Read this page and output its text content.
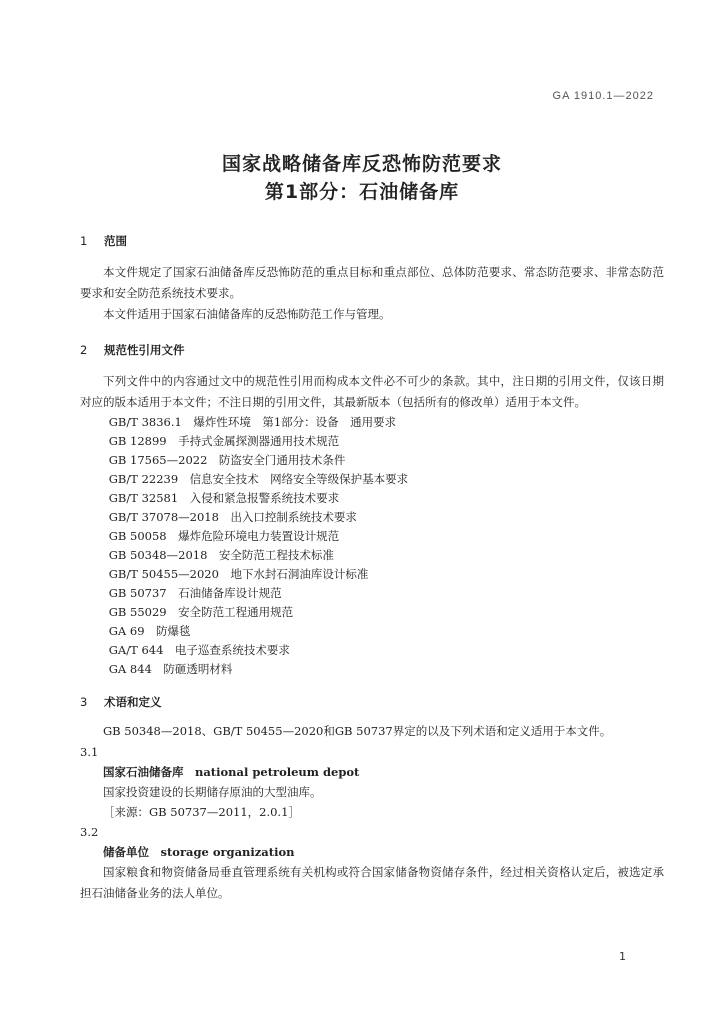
GA 1910.1—2022
国家战略储备库反恐怖防范要求
第1部分：石油储备库
1 范围

本文件规定了国家石油储备库反恐怖防范的重点目标和重点部位、总体防范要求、常态防范要求、非常态防范要求和安全防范系统技术要求。

本文件适用于国家石油储备库的反恐怖防范工作与管理。

2 规范性引用文件

下列文件中的内容通过文中的规范性引用而构成本文件必不可少的条款。其中，注日期的引用文件，仅该日期对应的版本适用于本文件；不注日期的引用文件，其最新版本（包括所有的修改单）适用于本文件。

GB/T 3836.1　爆炸性环境　第1部分：设备　通用要求
GB 12899　手持式金属探测器通用技术规范
GB 17565—2022　防盗安全门通用技术条件
GB/T 22239　信息安全技术　网络安全等级保护基本要求
GB/T 32581　入侵和紧急报警系统技术要求
GB/T 37078—2018　出入口控制系统技术要求
GB 50058　爆炸危险环境电力装置设计规范
GB 50348—2018　安全防范工程技术标准
GB/T 50455—2020　地下水封石洞油库设计标准
GB 50737　石油储备库设计规范
GB 55029　安全防范工程通用规范
GA 69　防爆毯
GA/T 644　电子巡查系统技术要求
GA 844　防砸透明材料
3 术语和定义

GB 50348—2018、GB/T 50455—2020和GB 50737界定的以及下列术语和定义适用于本文件。

3.1
国家石油储备库　national petroleum depot
国家投资建设的长期储存原油的大型油库。
［来源：GB 50737—2011，2.0.1］
3.2
储备单位　storage organization

国家粮食和物资储备局垂直管理系统有关机构或符合国家储备物资储存条件，经过相关资格认定后，被选定承担石油储备业务的法人单位。

1
